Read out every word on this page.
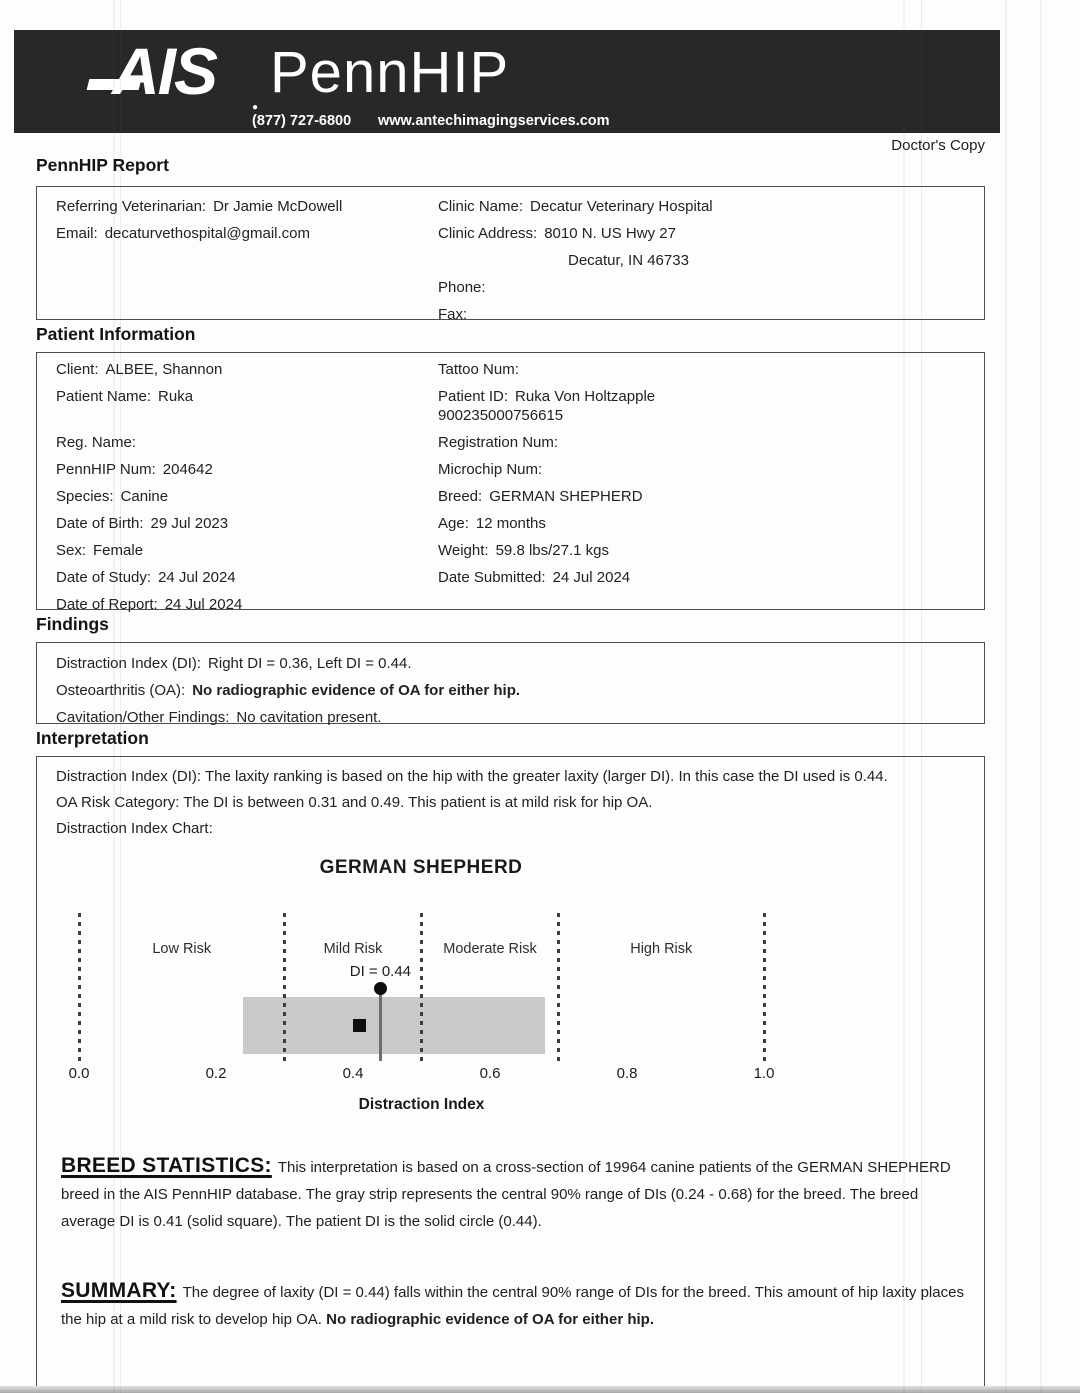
AIS	●
PennHIP
(877) 727-6800 www.antechimagingservices.com
Doctor's Copy
PennHIP Report
Referring Veterinarian: Dr Jamie McDowell
Email: decaturvethospital@gmail.com
Clinic Name: Decatur Veterinary Hospital
Clinic Address: 8010 N. US Hwy 27
Decatur, IN 46733
Phone:
Fax:
Patient Information
Client: ALBEE, Shannon	Tattoo Num:
Patient Name: Ruka	Patient ID: Ruka Von Holtzapple
900235000756615
Reg. Name:	Registration Num:
PennHIP Num: 204642	Microchip Num:
Species: Canine	Breed: GERMAN SHEPHERD
Date of Birth: 29 Jul 2023	Age: 12 months
Sex: Female	Weight: 59.8 lbs/27.1 kgs
Date of Study: 24 Jul 2024	Date Submitted: 24 Jul 2024
Date of Report: 24 Jul 2024
Findings
Distraction Index (DI): Right DI = 0.36, Left DI = 0.44.
Osteoarthritis (OA): No radiographic evidence of OA for either hip.
Cavitation/Other Findings: No cavitation present.
Interpretation
Distraction Index (DI): The laxity ranking is based on the hip with the greater laxity (larger DI). In this case the DI used is 0.44.
OA Risk Category: The DI is between 0.31 and 0.49. This patient is at mild risk for hip OA.
Distraction Index Chart:
GERMAN SHEPHERD
Low Risk	Mild Risk	Moderate Risk	High Risk
DI = 0.44
0.0	0.2	0.4	0.6	0.8	1.0
Distraction Index

BREED STATISTICS: This interpretation is based on a cross-section of 19964 canine patients of the GERMAN SHEPHERD breed in the AIS PennHIP database. The gray strip represents the central 90% range of DIs (0.24 - 0.68) for the breed. The breed average DI is 0.41 (solid square). The patient DI is the solid circle (0.44).

SUMMARY: The degree of laxity (DI = 0.44) falls within the central 90% range of DIs for the breed. This amount of hip laxity places the hip at a mild risk to develop hip OA. No radiographic evidence of OA for either hip.
